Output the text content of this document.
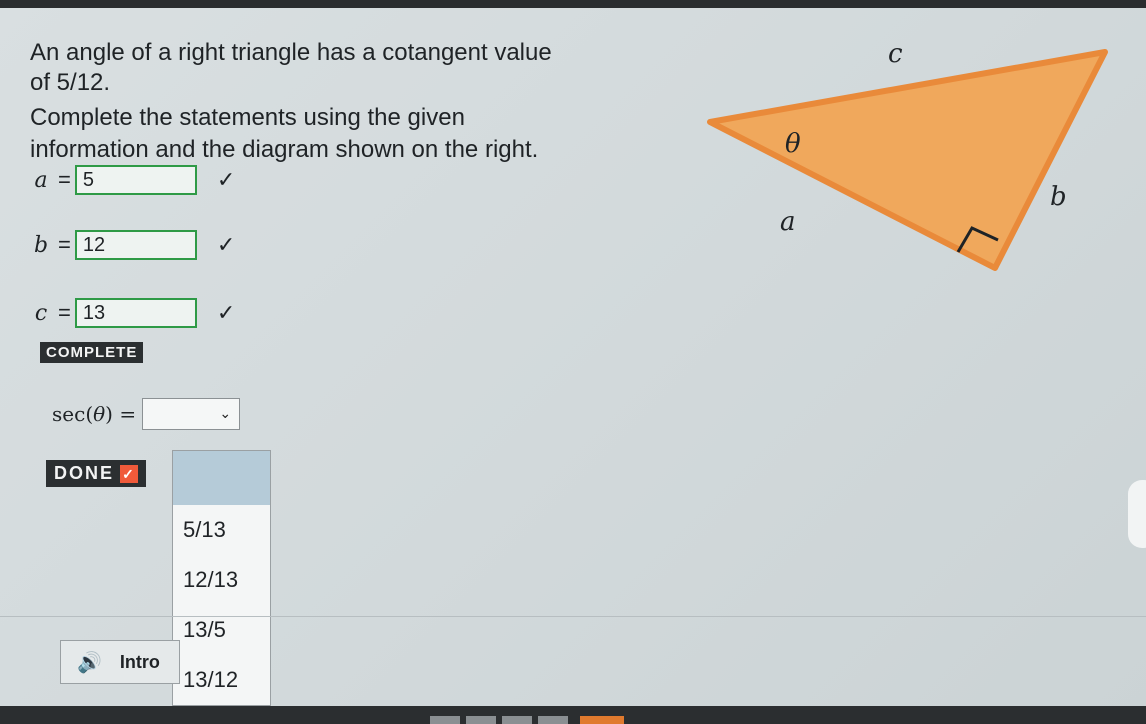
An angle of a right triangle has a cotangent value
of 5/12.
Complete the statements using the given
information and the diagram shown on the right.
a = 5	✓
b = 12	✓
c = 13	✓
COMPLETE
sec(θ) =	⌄
DONE ✓
5/13
12/13
13/5
13/12
🔊 Intro
c
θ
b
a
